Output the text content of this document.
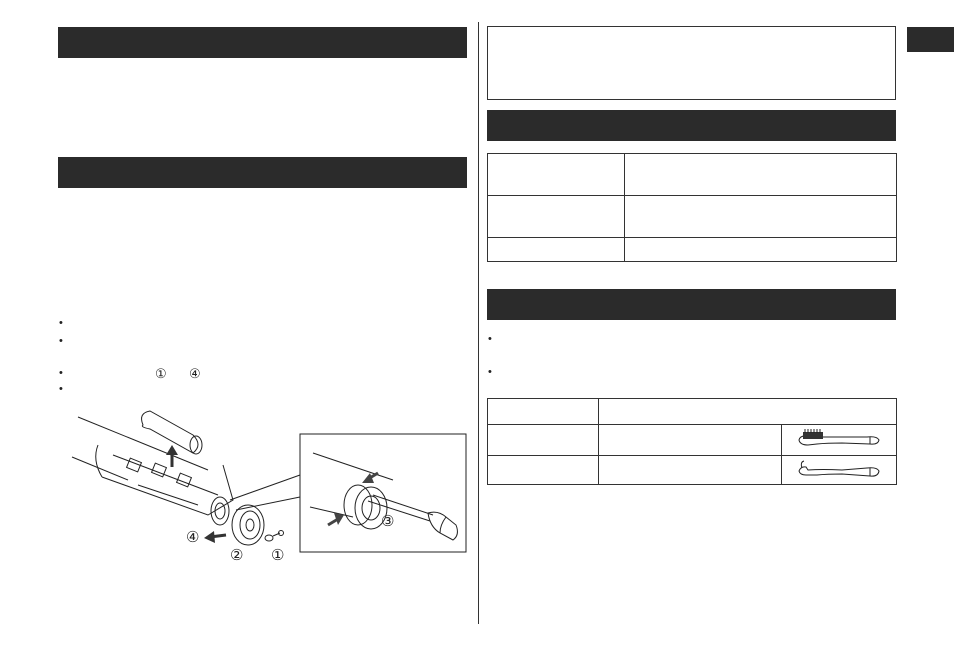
•
•
•
•
① ④

•
•

④
② ①
③
